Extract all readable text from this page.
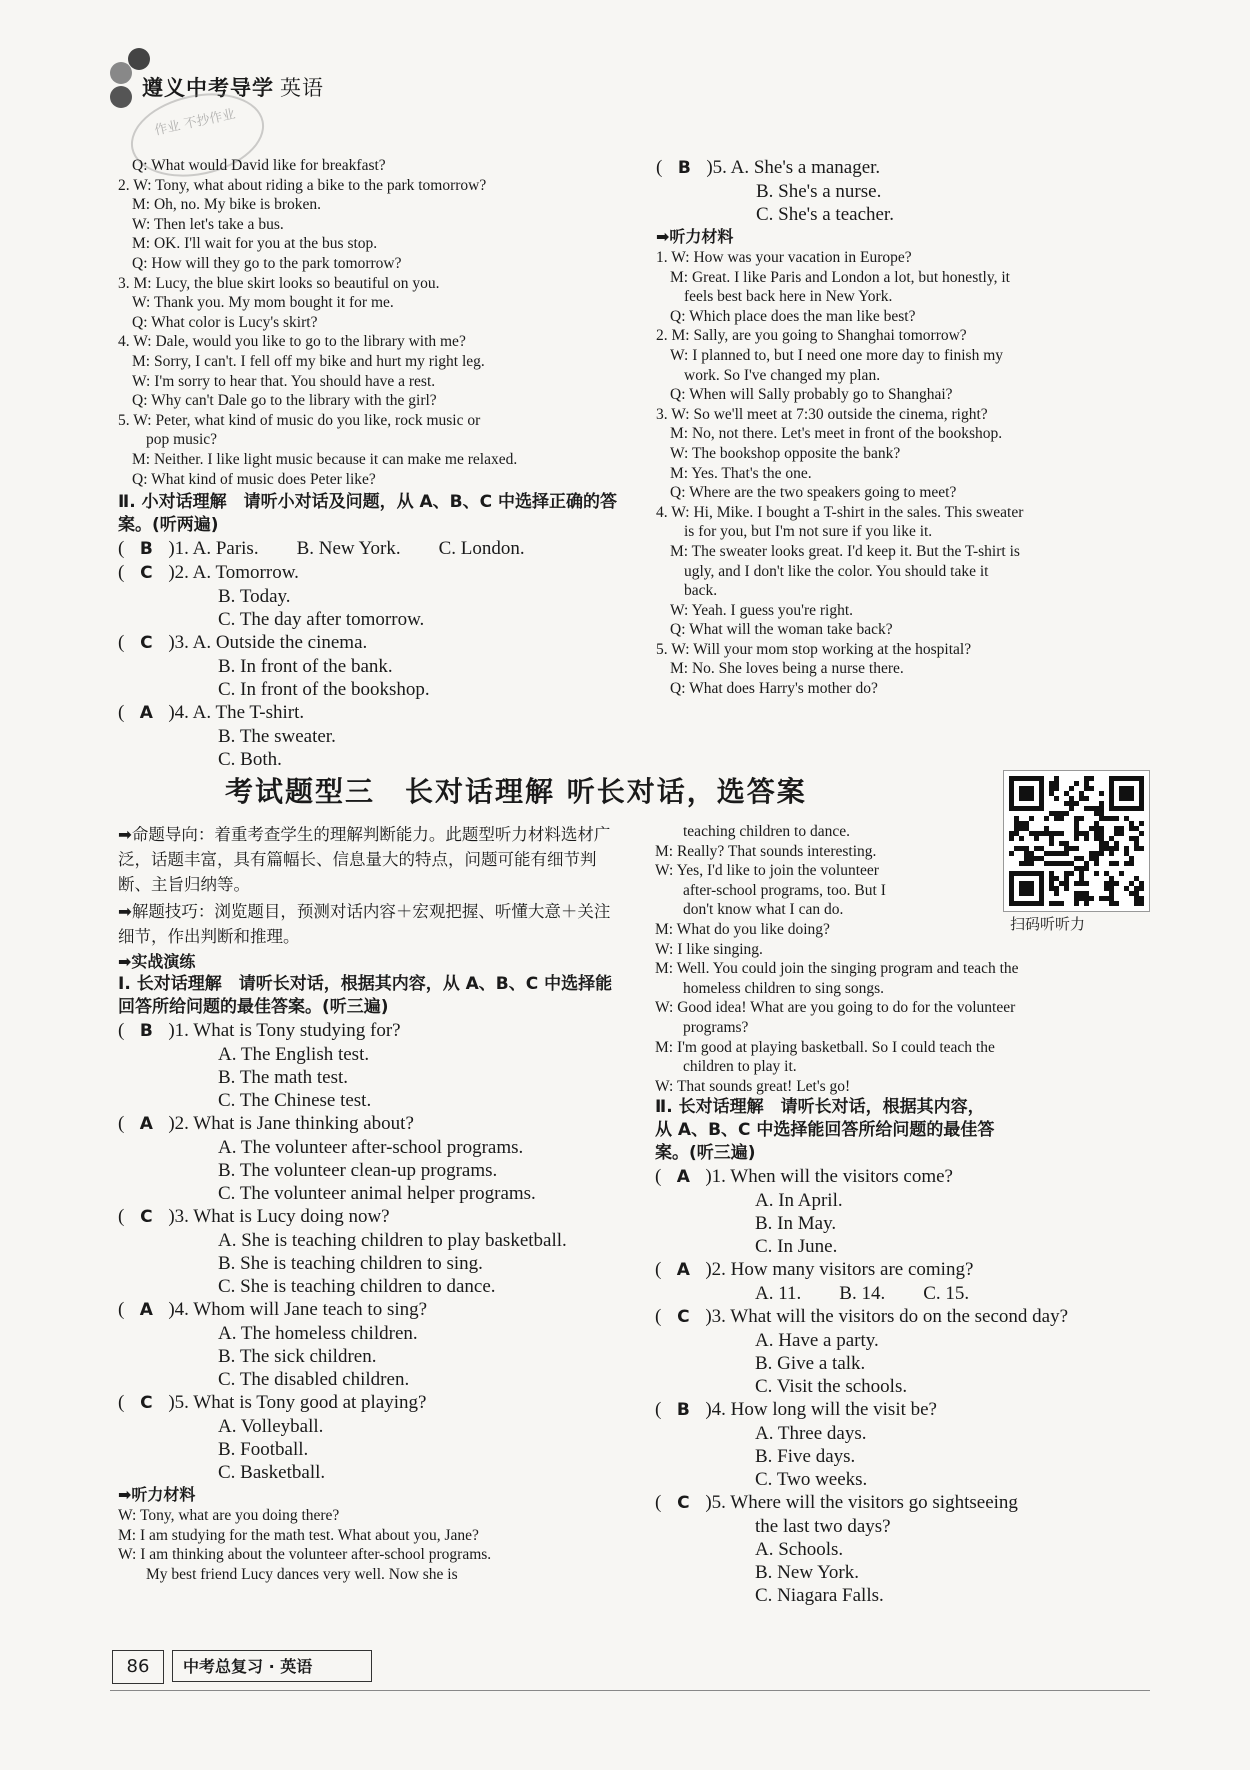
遵义中考导学 英语
作业 不抄作业
Q: What would David like for breakfast?
2. W: Tony, what about riding a bike to the park tomorrow?
M: Oh, no. My bike is broken.
W: Then let's take a bus.
M: OK. I'll wait for you at the bus stop.
Q: How will they go to the park tomorrow?
3. M: Lucy, the blue skirt looks so beautiful on you.
W: Thank you. My mom bought it for me.
Q: What color is Lucy's skirt?
4. W: Dale, would you like to go to the library with me?
M: Sorry, I can't. I fell off my bike and hurt my right leg.
W: I'm sorry to hear that. You should have a rest.
Q: Why can't Dale go to the library with the girl?
5. W: Peter, what kind of music do you like, rock music or
pop music?
M: Neither. I like light music because it can make me relaxed.
Q: What kind of music does Peter like?
Ⅱ. 小对话理解　请听小对话及问题，从 A、B、C 中选择正确的答案。(听两遍)
( B )1. A. Paris.　　B. New York.　　C. London.
( C )2. A. Tomorrow.
B. Today.
C. The day after tomorrow.
( C )3. A. Outside the cinema.
B. In front of the bank.
C. In front of the bookshop.
( A )4. A. The T-shirt.
B. The sweater.
C. Both.
( B )5. A. She's a manager.
B. She's a nurse.
C. She's a teacher.
➡听力材料
1. W: How was your vacation in Europe?
M: Great. I like Paris and London a lot, but honestly, it
feels best back here in New York.
Q: Which place does the man like best?
2. M: Sally, are you going to Shanghai tomorrow?
W: I planned to, but I need one more day to finish my
work. So I've changed my plan.
Q: When will Sally probably go to Shanghai?
3. W: So we'll meet at 7:30 outside the cinema, right?
M: No, not there. Let's meet in front of the bookshop.
W: The bookshop opposite the bank?
M: Yes. That's the one.
Q: Where are the two speakers going to meet?
4. W: Hi, Mike. I bought a T-shirt in the sales. This sweater
is for you, but I'm not sure if you like it.
M: The sweater looks great. I'd keep it. But the T-shirt is
ugly, and I don't like the color. You should take it
back.
W: Yeah. I guess you're right.
Q: What will the woman take back?
5. W: Will your mom stop working at the hospital?
M: No. She loves being a nurse there.
Q: What does Harry's mother do?
考试题型三　长对话理解 听长对话，选答案
扫码听听力
➡命题导向：着重考查学生的理解判断能力。此题型听力材料选材广泛，话题丰富，具有篇幅长、信息量大的特点，问题可能有细节判断、主旨归纳等。
➡解题技巧：浏览题目，预测对话内容＋宏观把握、听懂大意＋关注细节，作出判断和推理。
➡实战演练
Ⅰ. 长对话理解　请听长对话，根据其内容，从 A、B、C 中选择能回答所给问题的最佳答案。(听三遍)
( B )1. What is Tony studying for?
A. The English test.
B. The math test.
C. The Chinese test.
( A )2. What is Jane thinking about?
A. The volunteer after-school programs.
B. The volunteer clean-up programs.
C. The volunteer animal helper programs.
( C )3. What is Lucy doing now?
A. She is teaching children to play basketball.
B. She is teaching children to sing.
C. She is teaching children to dance.
( A )4. Whom will Jane teach to sing?
A. The homeless children.
B. The sick children.
C. The disabled children.
( C )5. What is Tony good at playing?
A. Volleyball.
B. Football.
C. Basketball.
➡听力材料
W: Tony, what are you doing there?
M: I am studying for the math test. What about you, Jane?
W: I am thinking about the volunteer after-school programs.
My best friend Lucy dances very well. Now she is
teaching children to dance.
M: Really? That sounds interesting.
W: Yes, I'd like to join the volunteer
after-school programs, too. But I
don't know what I can do.
M: What do you like doing?
W: I like singing.
M: Well. You could join the singing program and teach the
homeless children to sing songs.
W: Good idea! What are you going to do for the volunteer
programs?
M: I'm good at playing basketball. So I could teach the
children to play it.
W: That sounds great! Let's go!
Ⅱ. 长对话理解　请听长对话，根据其内容，从 A、B、C 中选择能回答所给问题的最佳答案。(听三遍)
( A )1. When will the visitors come?
A. In April.
B. In May.
C. In June.
( A )2. How many visitors are coming?
A. 11.　　B. 14.　　C. 15.
( C )3. What will the visitors do on the second day?
A. Have a party.
B. Give a talk.
C. Visit the schools.
( B )4. How long will the visit be?
A. Three days.
B. Five days.
C. Two weeks.
( C )5. Where will the visitors go sightseeing
the last two days?
A. Schools.
B. New York.
C. Niagara Falls.
86	中考总复习 · 英语
